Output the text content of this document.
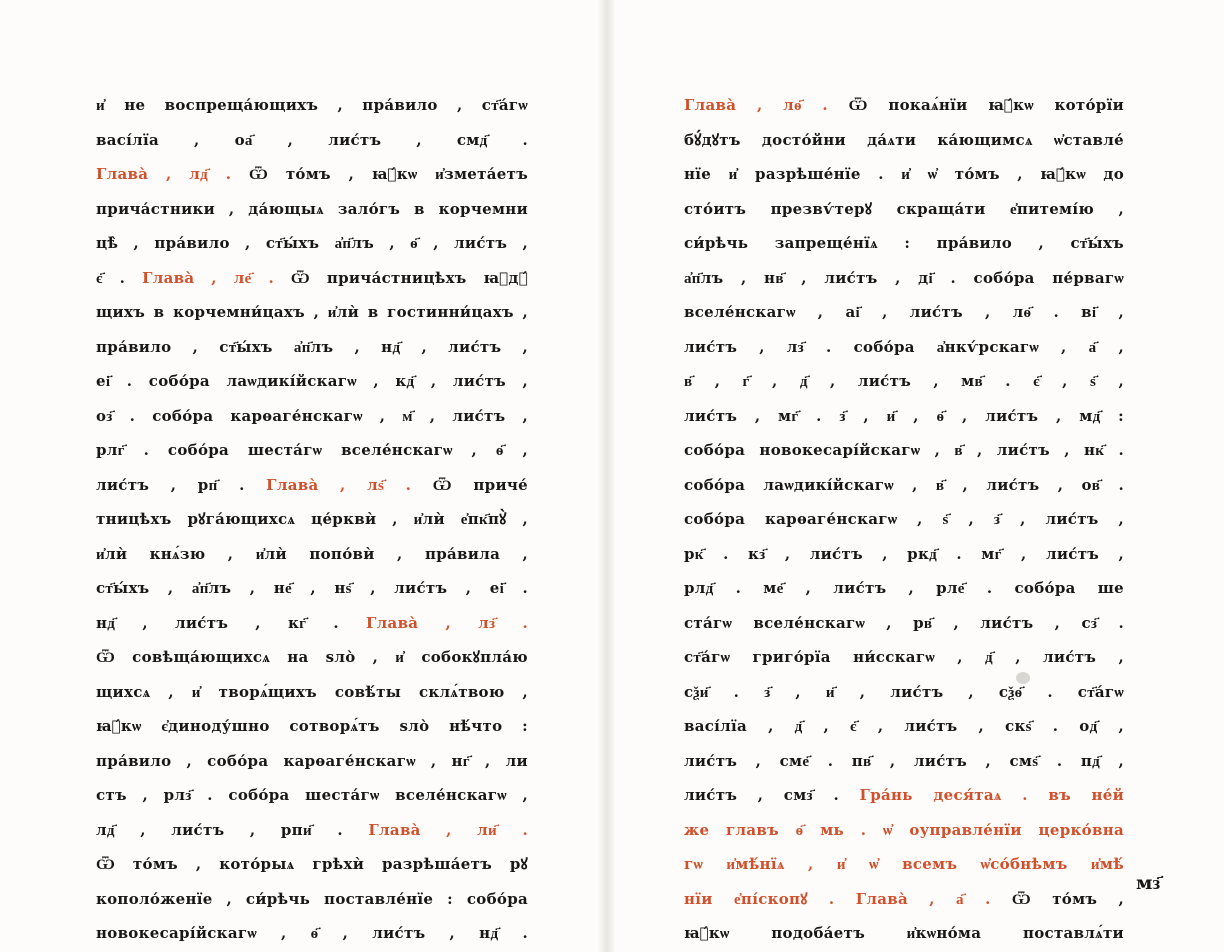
и҆ не воспреща́ющихъ , пра́вило , ст҃а́гѡ
васі́лїа , оа҃ , лис́тъ , смд҃ .
Глава̀ , лд҃ . Ѿ то́мъ , ꙗ҆́кѡ и҆змета́етъ
прича́стники , да́ющыѧ зало́гъ в корчемни
цѣ̀ , пра́вило , ст҃ы́хъ а҆п҃лъ , ѳ҃ , лис́тъ ,
є҃ . Глава̀ , ле҃ . Ѿ прича́стницѣхъ ꙗ҆дꙋ́
щихъ в корчемни́цахъ , и҆лѝ в гостинни́цахъ ,
пра́вило , ст҃ы́хъ а҆п҃лъ , нд҃ , лис́тъ ,
еі҃ . собо́ра лаѡдикі́йскагѡ , кд҃ , лис́тъ ,
оз҃ . собо́ра карѳаге́нскагѡ , м҃ , лис́тъ ,
рлг҃ . собо́ра шеста́гѡ вселе́нскагѡ , ѳ҃ ,
лис́тъ , рп҃ . Глава̀ , лѕ҃ . Ѿ приче́
тницѣхъ рꙋга́ющихсѧ це́рквѝ , и҆лѝ е҆пк҃пꙋ̀ ,
и҆лѝ кнѧ́зю , и҆лѝ попо́вѝ , пра́вила ,
ст҃ы́хъ , а҆п҃лъ , не҃ , нѕ҃ , лис́тъ , еі҃ .
нд҃ , лис́тъ , кг҃ . Глава̀ , лз҃ .
Ѿ совѣща́ющихсѧ на ѕло̀ , и҆ собокꙋпла́ю
щихсѧ , и҆ творѧ́щихъ совѣ́ты склѧ́твою ,
ꙗ҆́кѡ є҆диноду́шно сотворѧ́тъ ѕло̀ нѣ́что :
пра́вило , собо́ра карѳаге́нскагѡ , нг҃ , ли
стъ , рлз҃ . собо́ра шеста́гѡ вселе́нскагѡ ,
лд҃ , лис́тъ , рпи҃ . Глава̀ , ли҃ .
Ѿ то́мъ , кото́рыѧ грѣхѝ разрѣша́етъ рꙋ
кополо́женїе , си́рѣчь поставле́нїе : собо́ра
новокесарі́йскагѡ , ѳ҃ , лис́тъ , нд҃ .
Глава̀ , лѳ҃ . Ѿ покаѧ́нїи ꙗ҆́кѡ кото́рїи
бꙋ́дꙋтъ досто́йни да́ѧти ка́ющимсѧ ѡ҆ставле́
нїе и҆ разрѣше́нїе . и҆ ѡ҆ то́мъ , ꙗ҆́кѡ до
сто́итъ презвѵ́терꙋ скраща́ти е҆питемі́ю ,
си́рѣчь запреще́нїѧ : пра́вило , ст҃ы́хъ
а҆п҃лъ , нв҃ , лис́тъ , ді҃ . собо́ра пе́рвагѡ
вселе́нскагѡ , аі҃ , лис́тъ , лѳ҃ . ві҃ ,
лис́тъ , лз҃ . собо́ра а҆нкѵ́рскагѡ , а҃ ,
в҃ , г҃ , д҃ , лис́тъ , мв҃ . є҃ , ѕ҃ ,
лис́тъ , мг҃ . з҃ , и҃ , ѳ҃ , лис́тъ , мд҃ :
собо́ра новокесарі́йскагѡ , в҃ , лис́тъ , нк҃ .
собо́ра лаѡдикі́йскагѡ , в҃ , лис́тъ , ов҃ .
собо́ра карѳаге́нскагѡ , ѕ҃ , з҃ , лис́тъ ,
рк҃ . кз҃ , лис́тъ , ркд҃ . мг҃ , лис́тъ ,
рлд҃ . ме҃ , лис́тъ , рле҃ . собо́ра ше
ста́гѡ вселе́нскагѡ , рв҃ , лис́тъ , сз҃ .
ст҃а́гѡ григо́рїа ни́сскагѡ , д҃ , лис́тъ ,
сѯи҃ . з҃ , и҃ , лис́тъ , сѯѳ҃ . ст҃а́гѡ
васі́лїа , д҃ , є҃ , лис́тъ , скѕ҃ . од҃ ,
лис́тъ , сме҃ . пв҃ , лис́тъ , смѕ҃ . пд҃ ,
лис́тъ , смз҃ . Гра́нь деся́таѧ . въ не́й
же главъ ѳ҃ мь . ѡ҆ оуправле́нїи церко́вна
гѡ и҆мѣ́нїѧ , и҆ ѡ҆ всемъ ѡ҆со́бнѣмъ и҆мѣ́
нїи е҆пі́скопꙋ . Глава̀ , а҃ . Ѿ то́мъ ,
ꙗ҆́кѡ подоба́етъ и҆кѡно́ма поставлѧ́ти
мз҃
